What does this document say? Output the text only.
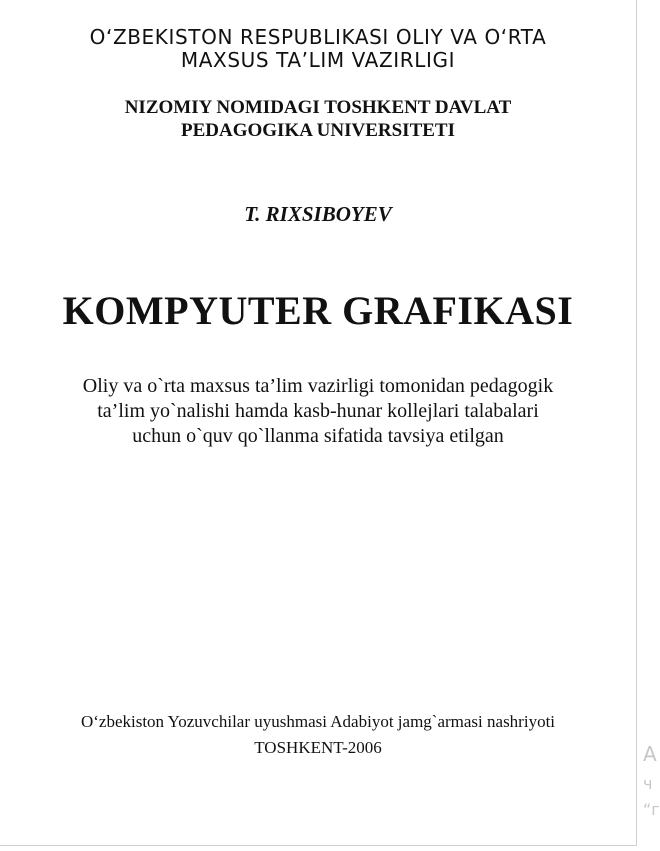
O‘ZBEKISTON RESPUBLIKASI OLIY VA O‘RTA
MAXSUS TA’LIM VAZIRLIGI
NIZOMIY NOMIDAGI TOSHKENT DAVLAT
PEDAGOGIKA UNIVERSITETI
T. RIXSIBOYEV
KOMPYUTER GRAFIKASI
Oliy va o`rta maxsus ta’lim vazirligi tomonidan pedagogik
ta’lim yo`nalishi hamda kasb-hunar kollejlari talabalari
uchun o`quv qo`llanma sifatida tavsiya etilgan
O‘zbekiston Yozuvchilar uyushmasi Adabiyot jamg`armasi nashriyoti
TOSHKENT-2006	А
ч
“г
